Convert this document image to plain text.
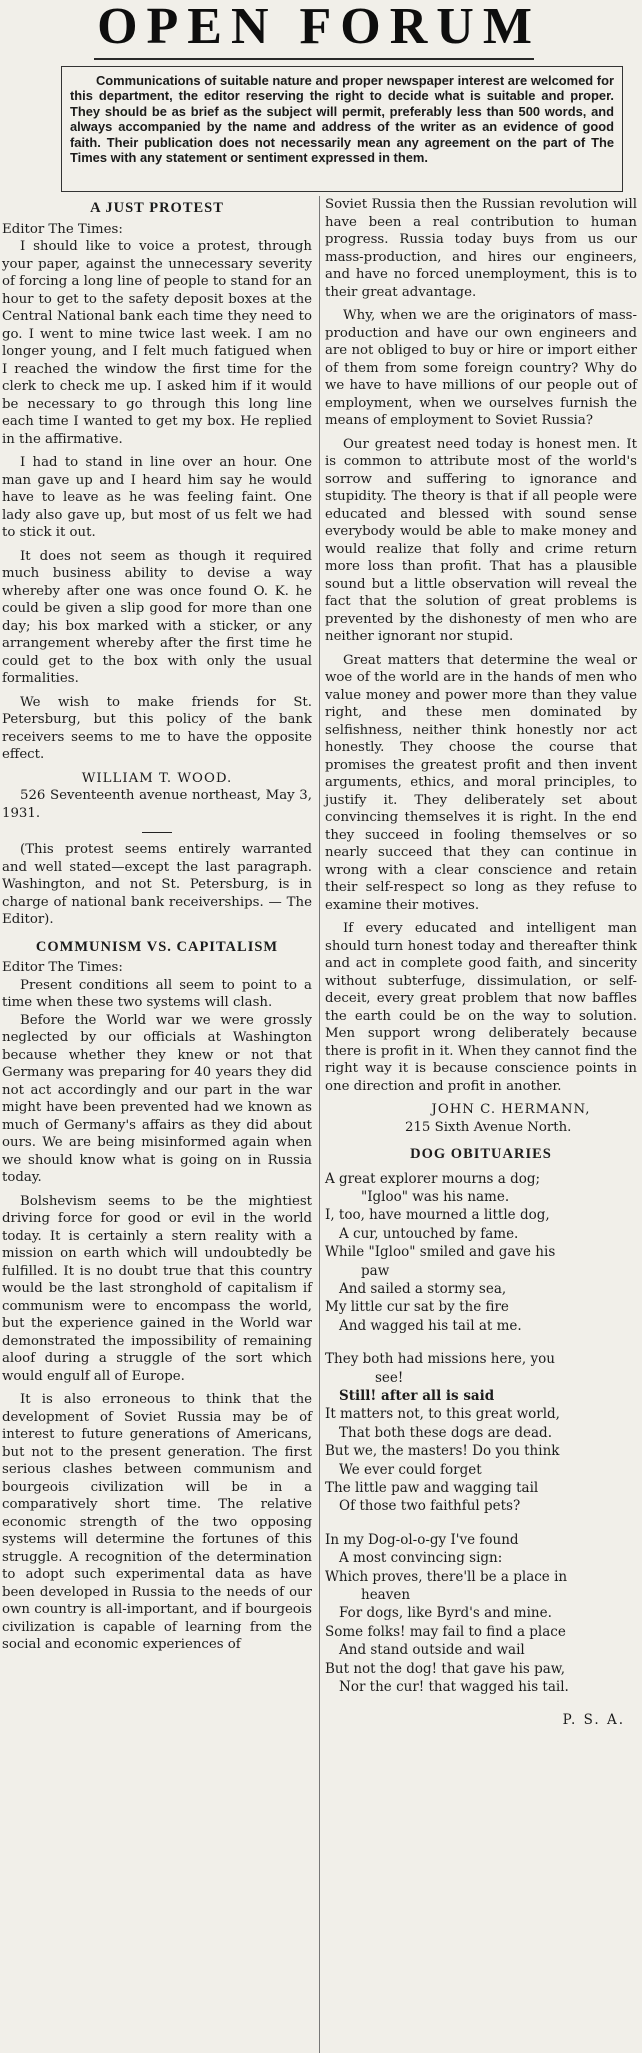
OPEN FORUM

Communications of suitable nature and proper newspaper interest are welcomed for this department, the editor reserving the right to decide what is suitable and proper. They should be as brief as the subject will permit, preferably less than 500 words, and always accompanied by the name and address of the writer as an evidence of good faith. Their publication does not necessarily mean any agreement on the part of The Times with any statement or sentiment expressed in them.

A JUST PROTEST

Editor The Times:

I should like to voice a protest, through your paper, against the unnecessary severity of forcing a long line of people to stand for an hour to get to the safety deposit boxes at the Central National bank each time they need to go. I went to mine twice last week. I am no longer young, and I felt much fatigued when I reached the window the first time for the clerk to check me up. I asked him if it would be necessary to go through this long line each time I wanted to get my box. He replied in the affirmative.

I had to stand in line over an hour. One man gave up and I heard him say he would have to leave as he was feeling faint. One lady also gave up, but most of us felt we had to stick it out.

It does not seem as though it required much business ability to devise a way whereby after one was once found O. K. he could be given a slip good for more than one day; his box marked with a sticker, or any arrangement whereby after the first time he could get to the box with only the usual formalities.

We wish to make friends for St. Petersburg, but this policy of the bank receivers seems to me to have the opposite effect.

WILLIAM T. WOOD.

526 Seventeenth avenue northeast, May 3, 1931.

(This protest seems entirely warranted and well stated—except the last paragraph. Washington, and not St. Petersburg, is in charge of national bank receiverships. — The Editor).

COMMUNISM VS. CAPITALISM

Editor The Times:

Present conditions all seem to point to a time when these two systems will clash.

Before the World war we were grossly neglected by our officials at Washington because whether they knew or not that Germany was preparing for 40 years they did not act accordingly and our part in the war might have been prevented had we known as much of Germany's affairs as they did about ours. We are being misinformed again when we should know what is going on in Russia today.

Bolshevism seems to be the mightiest driving force for good or evil in the world today. It is certainly a stern reality with a mission on earth which will undoubtedly be fulfilled. It is no doubt true that this country would be the last stronghold of capitalism if communism were to encompass the world, but the experience gained in the World war demonstrated the impossibility of remaining aloof during a struggle of the sort which would engulf all of Europe.

It is also erroneous to think that the development of Soviet Russia may be of interest to future generations of Americans, but not to the present generation. The first serious clashes between communism and bourgeois civilization will be in a comparatively short time. The relative economic strength of the two opposing systems will determine the fortunes of this struggle. A recognition of the determination to adopt such experimental data as have been developed in Russia to the needs of our own country is all-important, and if bourgeois civilization is capable of learning from the social and economic experiences of

Soviet Russia then the Russian revolution will have been a real contribution to human progress. Russia today buys from us our mass-production, and hires our engineers, and have no forced unemployment, this is to their great advantage.

Why, when we are the originators of mass-production and have our own engineers and are not obliged to buy or hire or import either of them from some foreign country? Why do we have to have millions of our people out of employment, when we ourselves furnish the means of employment to Soviet Russia?

Our greatest need today is honest men. It is common to attribute most of the world's sorrow and suffering to ignorance and stupidity. The theory is that if all people were educated and blessed with sound sense everybody would be able to make money and would realize that folly and crime return more loss than profit. That has a plausible sound but a little observation will reveal the fact that the solution of great problems is prevented by the dishonesty of men who are neither ignorant nor stupid.

Great matters that determine the weal or woe of the world are in the hands of men who value money and power more than they value right, and these men dominated by selfishness, neither think honestly nor act honestly. They choose the course that promises the greatest profit and then invent arguments, ethics, and moral principles, to justify it. They deliberately set about convincing themselves it is right. In the end they succeed in fooling themselves or so nearly succeed that they can continue in wrong with a clear conscience and retain their self-respect so long as they refuse to examine their motives.

If every educated and intelligent man should turn honest today and thereafter think and act in complete good faith, and sincerity without subterfuge, dissimulation, or self-deceit, every great problem that now baffles the earth could be on the way to solution. Men support wrong deliberately because there is profit in it. When they cannot find the right way it is because conscience points in one direction and profit in another.

JOHN C. HERMANN,
215 Sixth Avenue North.
DOG OBITUARIES
A great explorer mourns a dog;
"Igloo" was his name.
I, too, have mourned a little dog,
A cur, untouched by fame.
While "Igloo" smiled and gave his
paw
And sailed a stormy sea,
My little cur sat by the fire
And wagged his tail at me.
They both had missions here, you
see!
Still! after all is said
It matters not, to this great world,
That both these dogs are dead.
But we, the masters! Do you think
We ever could forget
The little paw and wagging tail
Of those two faithful pets?
In my Dog-ol-o-gy I've found
A most convincing sign:
Which proves, there'll be a place in
heaven
For dogs, like Byrd's and mine.
Some folks! may fail to find a place
And stand outside and wail
But not the dog! that gave his paw,
Nor the cur! that wagged his tail.
P. S. A.
